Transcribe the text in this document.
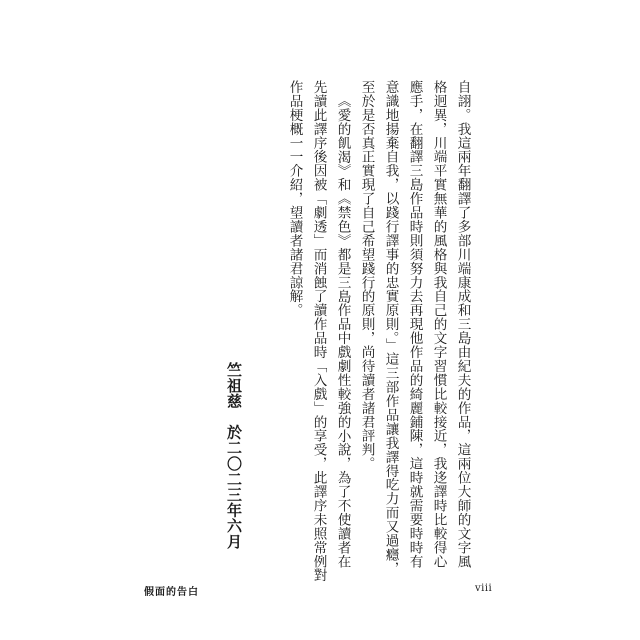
自詡。我這兩年翻譯了多部川端康成和三島由紀夫的作品，這兩位大師的文字風
格迥異，川端平實無華的風格與我自己的文字習慣比較接近，我迻譯時比較得心
應手，在翻譯三島作品時則須努力去再現他作品的綺麗鋪陳，這時就需要時時有
意識地揚棄自我，以踐行譯事的忠實原則。」這三部作品讓我譯得吃力而又過癮，
至於是否真正實現了自己希望踐行的原則，尚待讀者諸君評判。
《愛的飢渴》和《禁色》都是三島作品中戲劇性較強的小說，為了不使讀者在
先讀此譯序後因被「劇透」而消蝕了讀作品時「入戲」的享受，此譯序未照常例對
作品梗概一一介紹，望讀者諸君諒解。
竺祖慈　於二〇二三年六月
假面的告白	viii
